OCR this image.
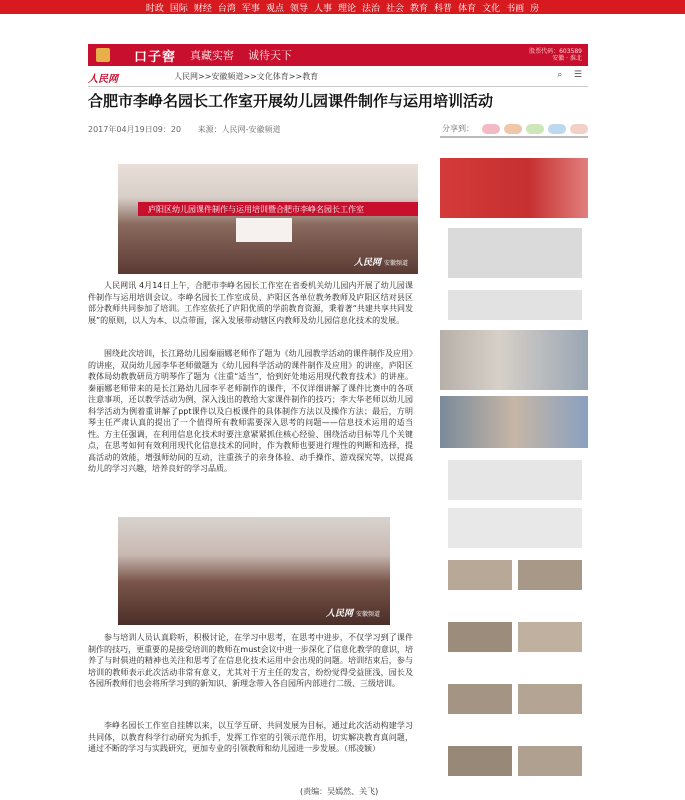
时政 国际 财经 台湾 军事 观点 领导 人事 理论 法治 社会 教育 科普 体育 文化 书画 房
口子窖 真藏实窖 诚待天下	股票代码：603589
安徽 · 淮北
人民网	人民网>>安徽频道>>文化体育>>教育	⌕ ☰
合肥市李峥名园长工作室开展幼儿园课件制作与运用培训活动
2017年04月19日09：20 来源：人民网-安徽频道	分享到：
庐阳区幼儿园课件制作与运用培训暨合肥市李峥名园长工作室
人民网 安徽频道

人民网讯 4月14日上午，合肥市李峥名园长工作室在省委机关幼儿园内开展了幼儿园课件制作与运用培训会议。李峥名园长工作室成员、庐阳区各单位教务教师及庐阳区结对县区部分教师共同参加了培训。工作室依托了庐阳优质的学前教育资源，秉着著“共建共享共同发展”的原则，以人为本、以点带面，深入发展带动辖区内教师及幼儿园信息化技术的发展。

围绕此次培训，长江路幼儿园秦丽娜老师作了题为《幼儿园教学活动的课件制作及应用》的讲座，双岗幼儿园李华老师做题为《幼儿园科学活动的课件制作及应用》的讲座，庐阳区教体局幼教教研员方明琴作了题为《注重“适当”，恰到好处地运用现代教育技术》的讲座。秦丽娜老师带来的是长江路幼儿园李平老师制作的课件，不仅详细讲解了课件比赛中的各项注意事项，还以教学活动为例，深入浅出的教给大家课件制作的技巧；李大华老师以幼儿园科学活动为例着重讲解了ppt课件以及白板课件的具体制作方法以及操作方法；最后，方明琴主任严肃认真的提出了一个值得所有教师需要深入思考的问题——信息技术运用的适当性。方主任强调，在利用信息化技术时要注意紧紧抓住核心经验、围绕活动目标等几个关键点，在思考如何有效利用现代化信息技术的同时，作为教师也要进行理性的判断和选择，提高活动的效能，增强师幼间的互动，注重孩子的亲身体验、动手操作、游戏探究等，以提高幼儿的学习兴趣，培养良好的学习品质。

人民网 安徽频道

参与培训人员认真聆听，积极讨论，在学习中思考，在思考中进步，不仅学习到了课件制作的技巧，更重要的是接受培训的教师在must会议中进一步深化了信息化教学的意识，培养了与时俱进的精神也关注和思考了在信息化技术运用中会出现的问题。培训结束后，参与培训的教师表示此次活动非常有意义，尤其对于方主任的发言，纷纷觉得受益匪浅，园长及各园所教师们也会将所学习到的新知识、新理念带入各自园所内部进行二级、三级培训。

李峥名园长工作室自挂牌以来，以互学互研、共同发展为目标，通过此次活动构建学习共同体，以教育科学行动研究为抓手，发挥工作室的引领示范作用，切实解决教育真问题，通过不断的学习与实践研究，更加专业的引领教师和幼儿园进一步发展。（邢凌颖）

(责编：吴嫣然、关飞)
